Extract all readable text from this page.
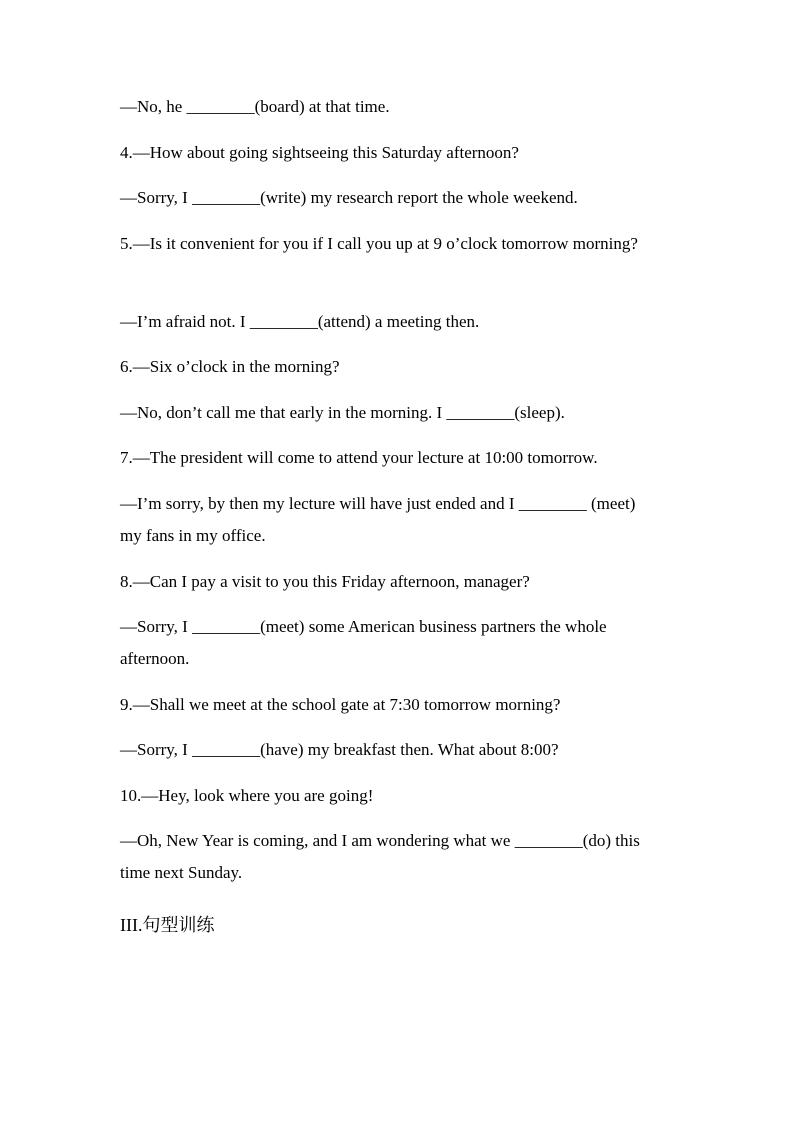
—No, he ________(board) at that time.
4.—How about going sightseeing this Saturday afternoon?
—Sorry, I ________(write) my research report the whole weekend.
5.—Is it convenient for you if I call you up at 9 o’clock tomorrow morning?
—I’m afraid not. I ________(attend) a meeting then.
6.—Six o’clock in the morning?
—No, don’t call me that early in the morning. I ________(sleep).
7.—The president will come to attend your lecture at 10:00 tomorrow.
—I’m sorry, by then my lecture will have just ended and I ________ (meet) my fans in my office.
8.—Can I pay a visit to you this Friday afternoon, manager?
—Sorry, I ________(meet) some American business partners the whole afternoon.
9.—Shall we meet at the school gate at 7:30 tomorrow morning?
—Sorry, I ________(have) my breakfast then. What about 8:00?
10.—Hey, look where you are going!
—Oh, New Year is coming, and I am wondering what we ________(do) this time next Sunday.
III.句型训练
